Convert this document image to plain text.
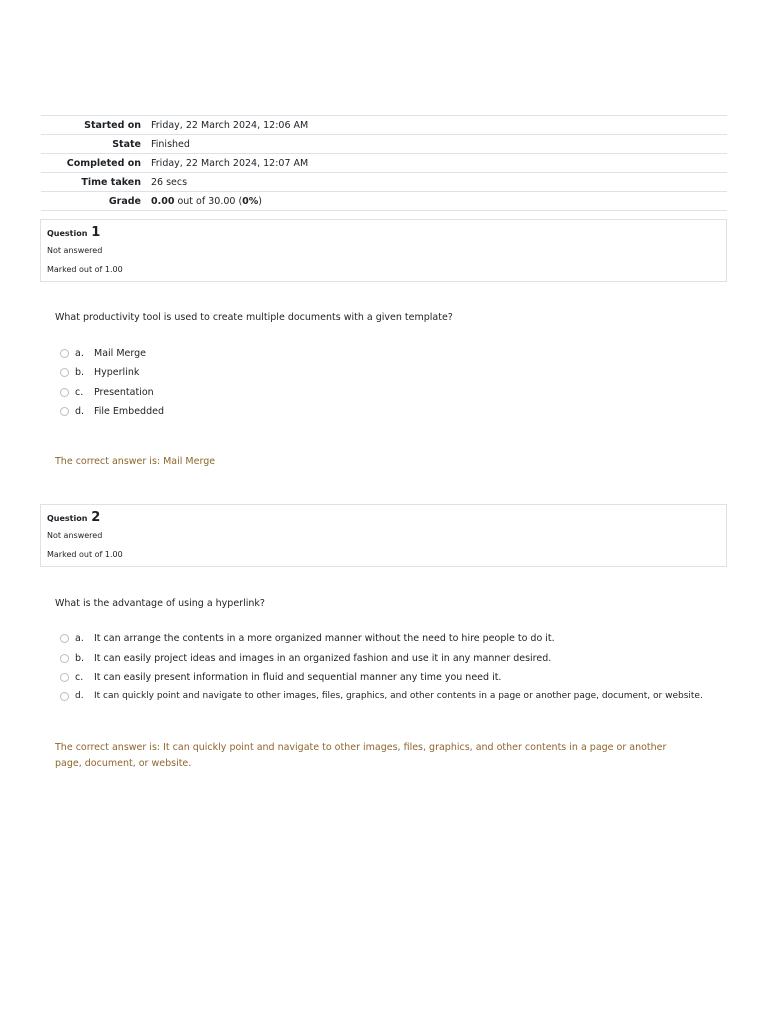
Started on	Friday, 22 March 2024, 12:06 AM
State	Finished
Completed on	Friday, 22 March 2024, 12:07 AM
Time taken	26 secs
Grade	0.00 out of 30.00 (0%)
Question 1
Not answered
Marked out of 1.00
What productivity tool is used to create multiple documents with a given template?
a.	Mail Merge
b.	Hyperlink
c.	Presentation
d.	File Embedded
The correct answer is: Mail Merge
Question 2
Not answered
Marked out of 1.00
What is the advantage of using a hyperlink?
a.	It can arrange the contents in a more organized manner without the need to hire people to do it.
b.	It can easily project ideas and images in an organized fashion and use it in any manner desired.
c.	It can easily present information in fluid and sequential manner any time you need it.
d.	It can quickly point and navigate to other images, files, graphics, and other contents in a page or another page, document, or website.
The correct answer is: It can quickly point and navigate to other images, files, graphics, and other contents in a page or another page, document, or website.
